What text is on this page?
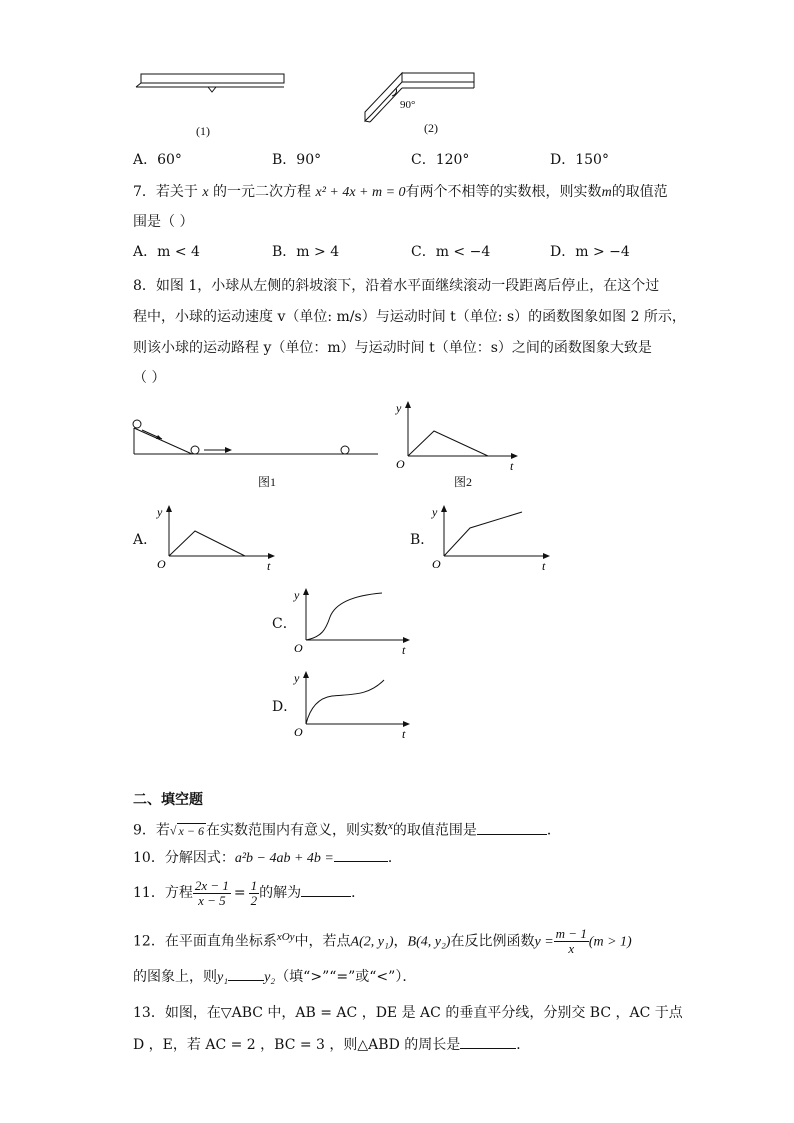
(1)
90°
(2)
A．60°	B．90°	C．120°	D．150°
7．若关于 x 的一元二次方程 x² + 4x + m = 0有两个不相等的实数根，则实数m的取值范
围是（ ）
A．m < 4	B．m > 4	C．m < −4	D．m > −4
8．如图 1，小球从左侧的斜坡滚下，沿着水平面继续滚动一段距离后停止，在这个过
程中，小球的运动速度 v（单位: m/s）与运动时间 t（单位: s）的函数图象如图 2 所示，
则该小球的运动路程 y（单位：m）与运动时间 t（单位：s）之间的函数图象大致是
（ ）
图1
y
t
O
图2
A．
y
t
O
B．
y
t
O
C．
y
t
O
D．
y
t
O
二、填空题
9．若√ x − 6 在实数范围内有意义，则实数$^x$的取值范围是	．
10．分解因式：a²b − 4ab + 4b =	．
11．方程 $\frac{2x - 1}{x - 5} = \frac{1}{2}$ 的解为	．
12．在平面直角坐标系$^{xOy}$中，若点A(2, y₁)，B(4, y₂)在反比例函数$y = \frac{m - 1}{x} (m > 1)$
的图象上，则y₁	y₂（填“>”“=”或“<”）．
13．如图，在▽ABC 中，AB = AC ，DE 是 AC 的垂直平分线，分别交 BC ，AC 于点
D ，E，若 AC = 2 ，BC = 3 ，则△ABD 的周长是	．
